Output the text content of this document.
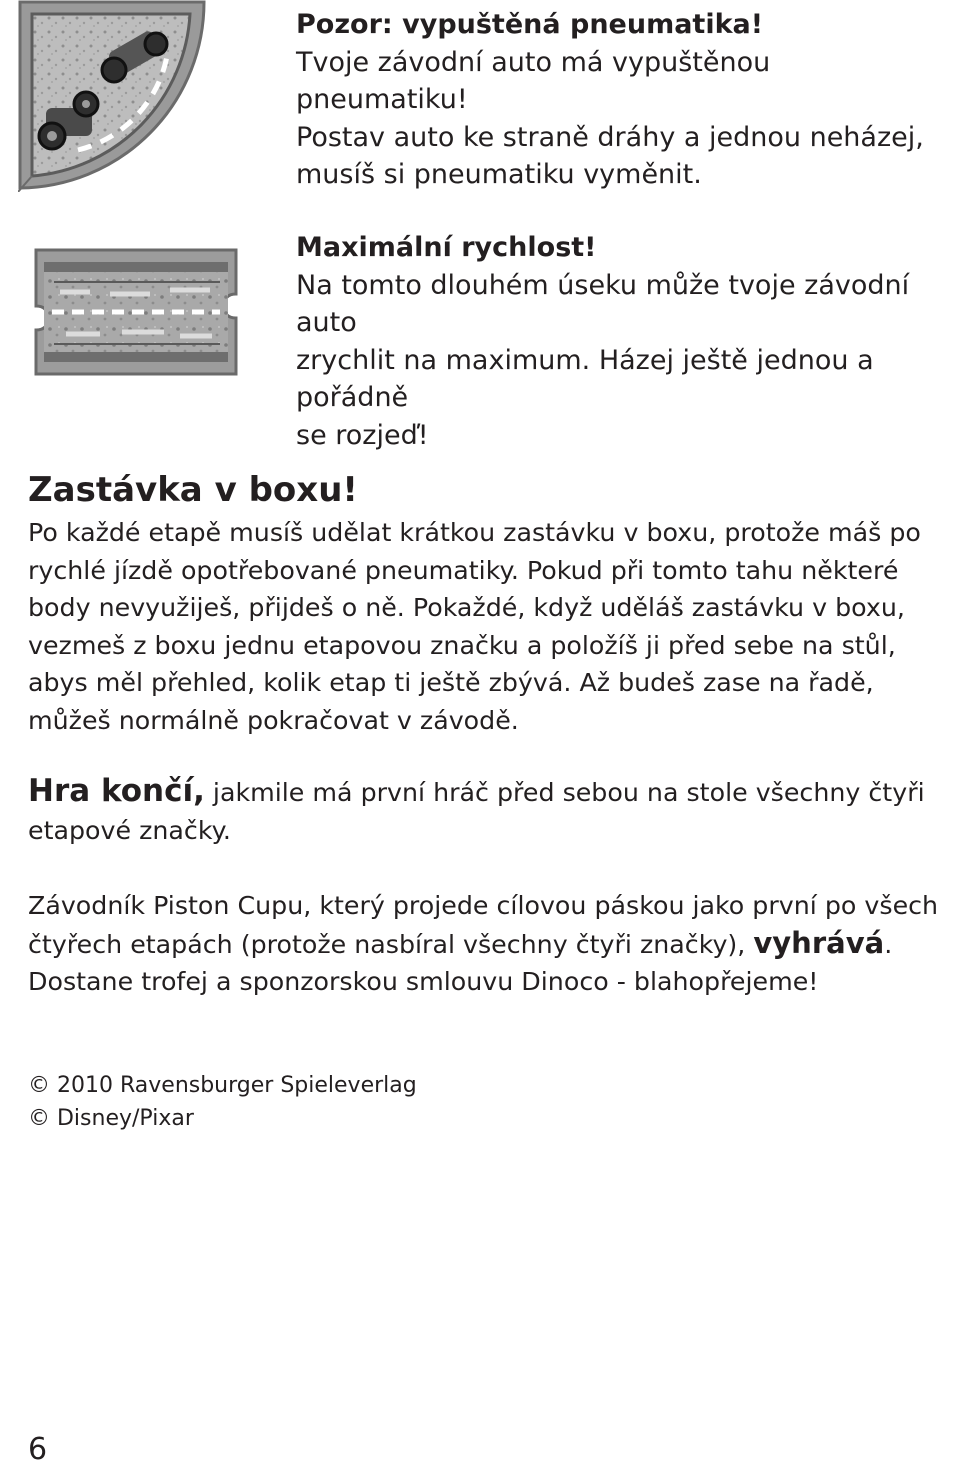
Pozor: vypuštěná pneumatika!
Tvoje závodní auto má vypuštěnou pneumatiku!
Postav auto ke straně dráhy a jednou neházej,
musíš si pneumatiku vyměnit.
Maximální rychlost!
Na tomto dlouhém úseku může tvoje závodní auto
zrychlit na maximum. Házej ještě jednou a pořádně
se rozjeď!
Zastávka v boxu!
Po každé etapě musíš udělat krátkou zastávku v boxu, protože máš po rychlé jízdě opotřebované pneumatiky. Pokud při tomto tahu některé body nevyužiješ, přijdeš o ně. Pokaždé, když uděláš zastávku v boxu, vezmeš z boxu jednu etapovou značku a položíš ji před sebe na stůl, abys měl přehled, kolik etap ti ještě zbývá. Až budeš zase na řadě, můžeš normálně pokračovat v závodě.
Hra končí, jakmile má první hráč před sebou na stole všechny čtyři etapové značky.
Závodník Piston Cupu, který projede cílovou páskou jako první po všech čtyřech etapách (protože nasbíral všechny čtyři značky), vyhrává. Dostane trofej a sponzorskou smlouvu Dinoco - blahopřejeme!
© 2010 Ravensburger Spieleverlag
© Disney/Pixar
6
